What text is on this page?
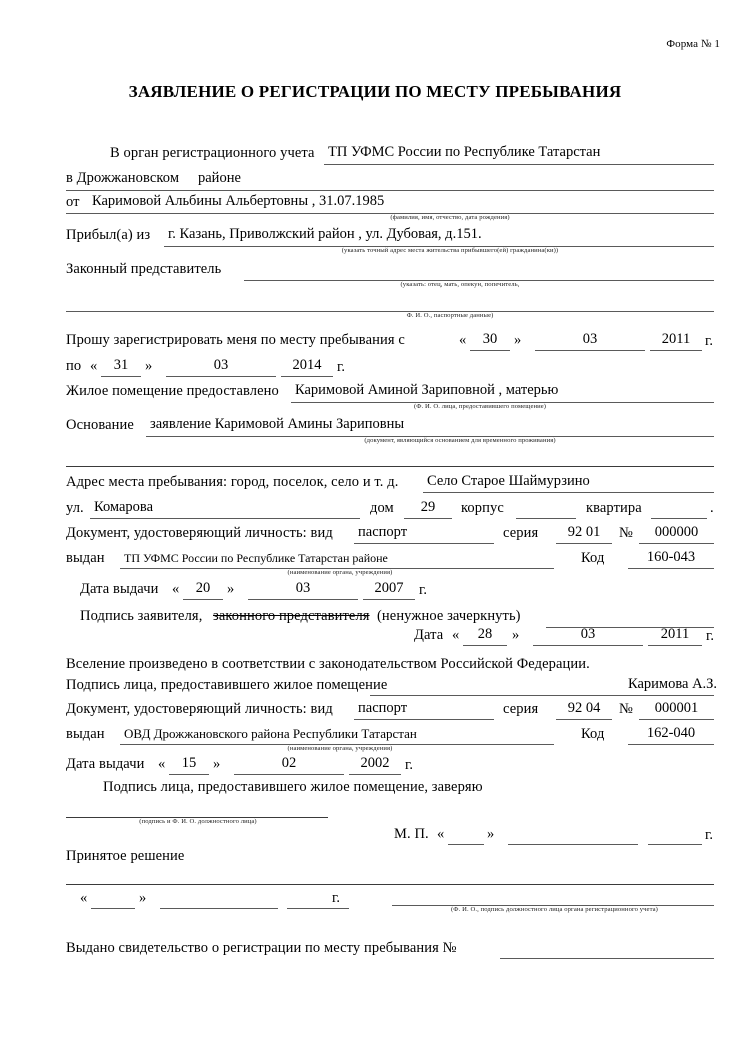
Форма № 1
ЗАЯВЛЕНИЕ О РЕГИСТРАЦИИ ПО МЕСТУ ПРЕБЫВАНИЯ
В орган регистрационного учета ТП УФМС России по Республике Татарстан
в Дрожжановском районе
от Каримовой Альбины Альбертовны , 31.07.1985
(фамилия, имя, отчество, дата рождения)
Прибыл(а) из г. Казань, Приволжский район , ул. Дубовая, д.151.
(указать точный адрес места жительства прибывшего(ей) гражданина(ки))
Законный представитель
(указать: отец, мать, опекун, попечитель,
Ф. И. О., паспортные данные)
Прошу зарегистрировать меня по месту пребывания с	«	30	»	03	2011	г.
по «	31	»	03	2014	г.
Жилое помещение предоставлено Каримовой Аминой Зариповной , матерью
(Ф. И. О. лица, предоставившего помещение)
Основание заявление Каримовой Амины Зариповны
(документ, являющийся основанием для временного проживания)
Адрес места пребывания: город, поселок, село и т. д. Село Старое Шаймурзино
ул. Комарова	дом	29	корпус	квартира	.
Документ, удостоверяющий личность: вид паспорт	серия	92 01	№	000000
выдан ТП УФМС России по Республике Татарстан районе
(наименование органа, учреждения)
Код	160-043
Дата выдачи «	20	»	03	2007	г.
Подпись заявителя, законного представителя (ненужное зачеркнуть)
Дата «	28	»	03	2011	г.
Вселение произведено в соответствии с законодательством Российской Федерации.
Подпись лица, предоставившего жилое помещение	Каримова А.З.
Документ, удостоверяющий личность: вид паспорт	серия	92 04	№	000001
выдан ОВД Дрожжановского района Республики Татарстан
(наименование органа, учреждения)
Код	162-040
Дата выдачи «	15	»	02	2002	г.
Подпись лица, предоставившего жилое помещение, заверяю
(подпись и Ф. И. О. должностного лица)
М. П. «	»	г.
Принятое решение
«	»	г.
(Ф. И. О., подпись должностного лица органа регистрационного учета)
Выдано свидетельство о регистрации по месту пребывания №
